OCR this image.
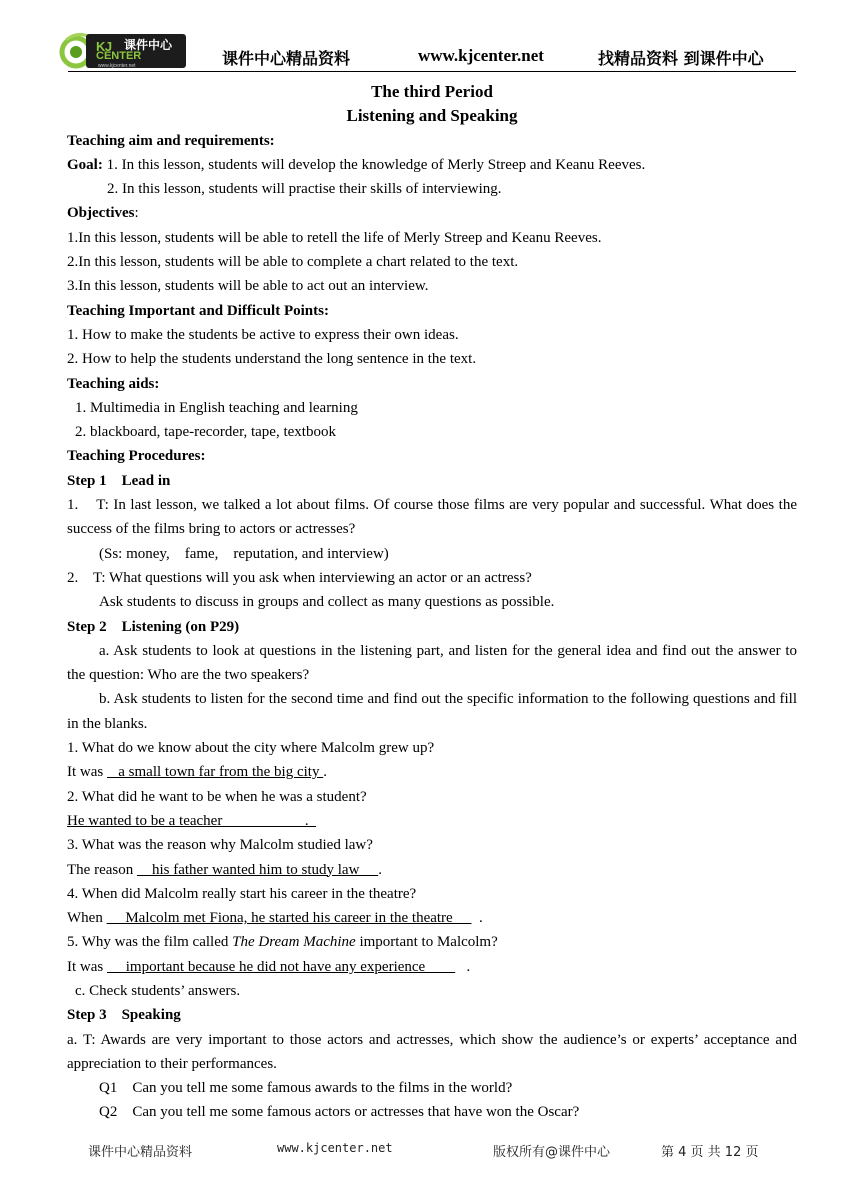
课件中心
KJ
CENTER
www.kjcenter.net	课件中心精品资料	www.kjcenter.net	找精品资料 到课件中心
The third Period
Listening and Speaking
Teaching aim and requirements:
Goal: 1. In this lesson, students will develop the knowledge of Merly Streep and Keanu Reeves.
2. In this lesson, students will practise their skills of interviewing.
Objectives:
1.In this lesson, students will be able to retell the life of Merly Streep and Keanu Reeves.
2.In this lesson, students will be able to complete a chart related to the text.
3.In this lesson, students will be able to act out an interview.
Teaching Important and Difficult Points:
1. How to make the students be active to express their own ideas.
2. How to help the students understand the long sentence in the text.
Teaching aids:
1. Multimedia in English teaching and learning
2. blackboard, tape-recorder, tape, textbook
Teaching Procedures:
Step 1    Lead in
1.    T: In last lesson, we talked a lot about films. Of course those films are very popular and successful. What does the success of the films bring to actors or actresses?
(Ss: money,    fame,    reputation, and interview)
2.    T: What questions will you ask when interviewing an actor or an actress?
Ask students to discuss in groups and collect as many questions as possible.
Step 2    Listening (on P29)
a. Ask students to look at questions in the listening part, and listen for the general idea and find out the answer to the question: Who are the two speakers?
b. Ask students to listen for the second time and find out the specific information to the following questions and fill in the blanks.
1. What do we know about the city where Malcolm grew up?
It was    a small town far from the big city .
2. What did he want to be when he was a student?
He wanted to be a teacher                      .
3. What was the reason why Malcolm studied law?
The reason     his father wanted him to study law     .
4. When did Malcolm really start his career in the theatre?
When      Malcolm met Fiona, he started his career in the theatre       .
5. Why was the film called The Dream Machine important to Malcolm?
It was      important because he did not have any experience           .
c. Check students’ answers.
Step 3    Speaking
a. T: Awards are very important to those actors and actresses, which show the audience’s or experts’ acceptance and appreciation to their performances.
Q1    Can you tell me some famous awards to the films in the world?
Q2    Can you tell me some famous actors or actresses that have won the Oscar?
课件中心精品资料	www.kjcenter.net	版权所有@课件中心	第 4 页 共 12 页
